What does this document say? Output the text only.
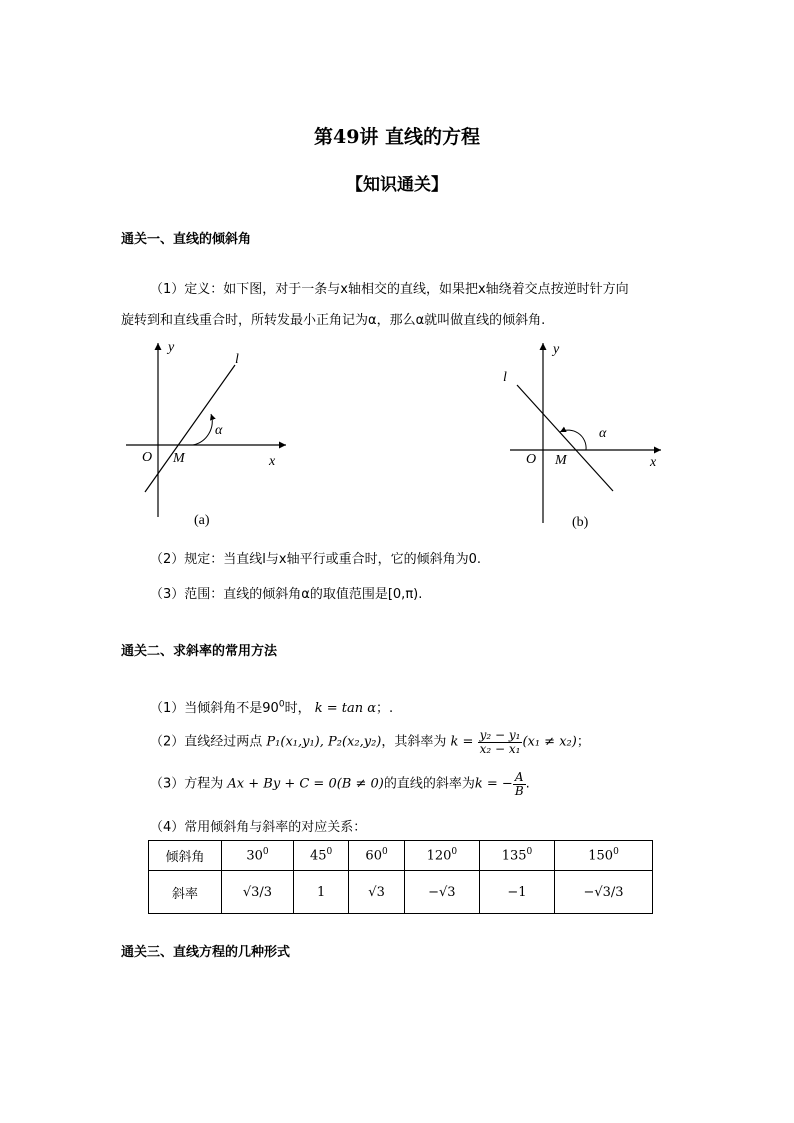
第49讲 直线的方程
【知识通关】
通关一、直线的倾斜角
（1）定义：如下图，对于一条与x轴相交的直线，如果把x轴绕着交点按逆时针方向
旋转到和直线重合时，所转发最小正角记为α，那么α就叫做直线的倾斜角.
y
l
α
O M	x
(a)
y
l
α
O M	x
(b)
（2）规定：当直线l与x轴平行或重合时，它的倾斜角为0.
（3）范围：直线的倾斜角α的取值范围是[0,π).
通关二、求斜率的常用方法
（1）当倾斜角不是$90^0$时， k = tan α；.
（2）直线经过两点 P₁(x₁,y₁), P₂(x₂,y₂)，其斜率为 $k = \frac{\text{y₂ − y₁}}{\text{x₂ − x₁}} (x_1 \ne x_2)$；
（3）方程为 Ax + By + C = 0(B ≠ 0)的直线的斜率为k = − $\frac{A}{B}$ .
（4）常用倾斜角与斜率的对应关系：
倾斜角	$30^0$	$45^0$	$60^0$	$120^0$	$135^0$	$150^0$
斜率	√3/3	1	√3	−√3	−1	−√3/3
通关三、直线方程的几种形式
